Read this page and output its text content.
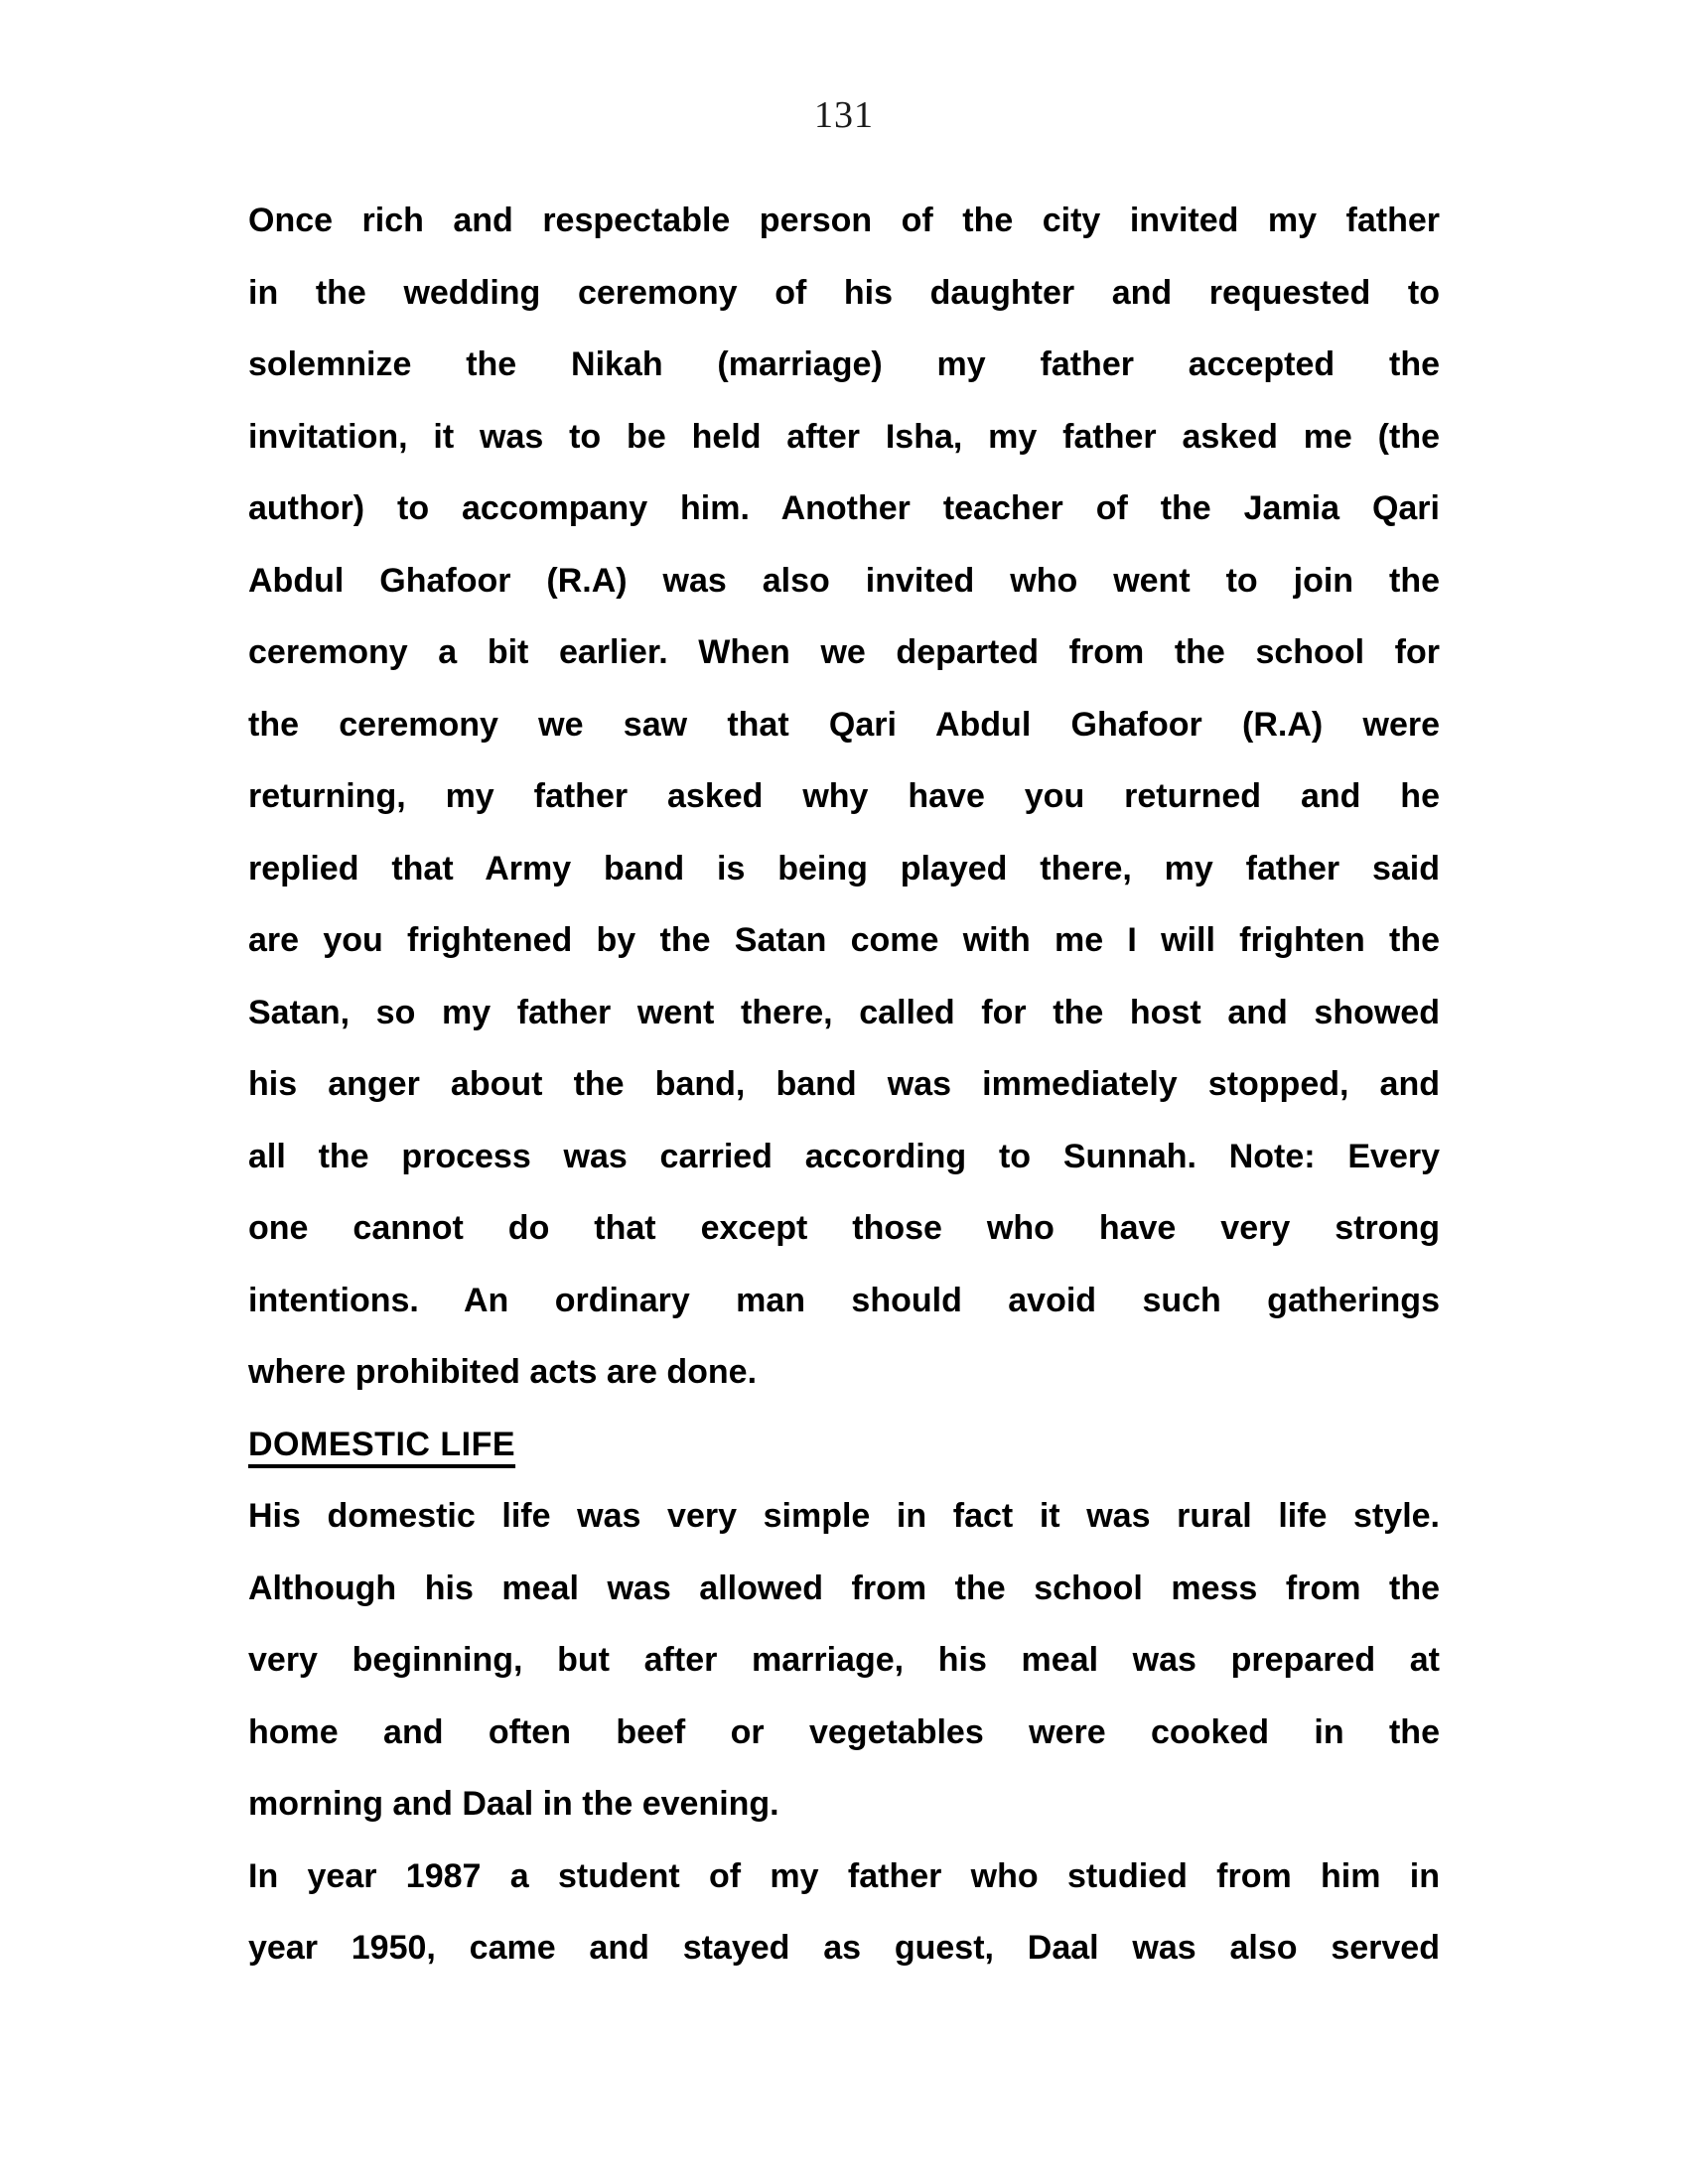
131
Once rich and respectable person of the city invited my father
in the wedding ceremony of his daughter and requested to
solemnize the Nikah (marriage) my father accepted the
invitation, it was to be held after Isha, my father asked me (the
author) to accompany him. Another teacher of the Jamia Qari
Abdul Ghafoor (R.A) was also invited who went to join the
ceremony a bit earlier. When we departed from the school for
the ceremony we saw that Qari Abdul Ghafoor (R.A) were
returning, my father asked why have you returned and he
replied that Army band is being played there, my father said
are you frightened by the Satan come with me I will frighten the
Satan, so my father went there, called for the host and showed
his anger about the band, band was immediately stopped, and
all the process was carried according to Sunnah. Note: Every
one cannot do that except those who have very strong
intentions. An ordinary man should avoid such gatherings
where prohibited acts are done.
DOMESTIC LIFE
His domestic life was very simple in fact it was rural life style.
Although his meal was allowed from the school mess from the
very beginning, but after marriage, his meal was prepared at
home and often beef or vegetables were cooked in the
morning and Daal in the evening.
In year 1987 a student of my father who studied from him in
year 1950, came and stayed as guest, Daal was also served
